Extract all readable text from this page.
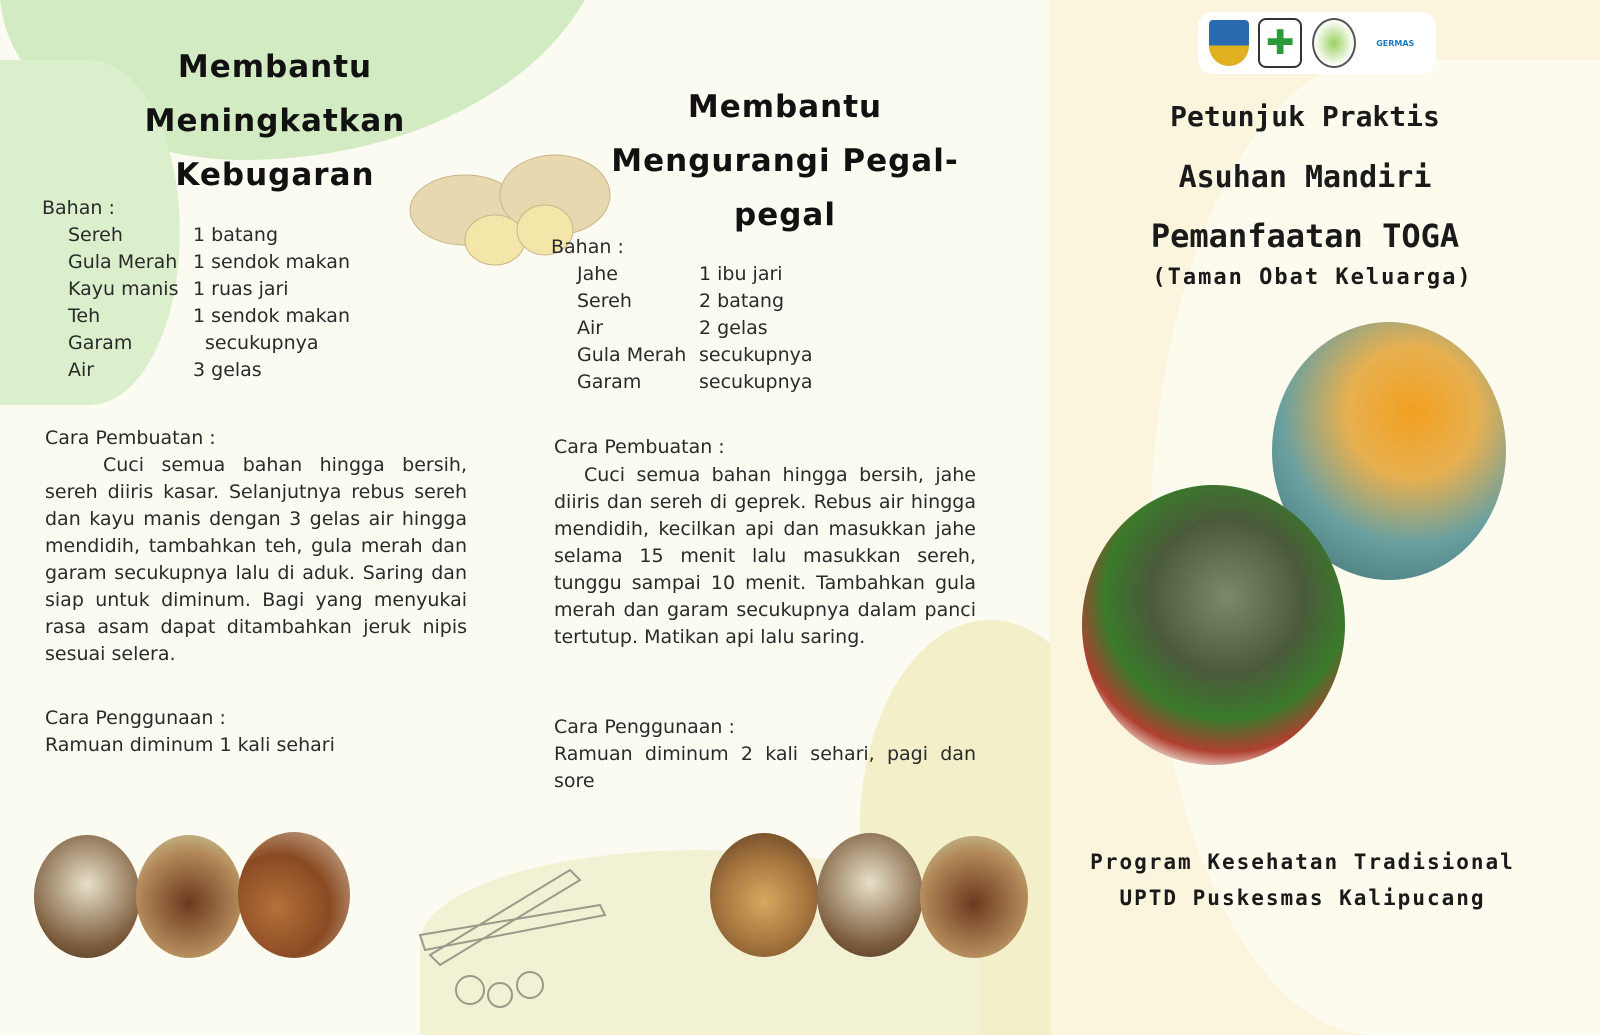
Membantu Meningkatkan Kebugaran
Bahan :
Sereh	1 batang
Gula Merah 1 sendok makan
Kayu manis 1 ruas jari
Teh	1 sendok makan
Garam	secukupnya
Air	3 gelas
Cara Pembuatan :
Cuci semua bahan hingga bersih, sereh diiris kasar. Selanjutnya rebus sereh dan kayu manis dengan 3 gelas air hingga mendidih, tambahkan teh, gula merah dan garam secukupnya lalu di aduk. Saring dan siap untuk diminum. Bagi yang menyukai rasa asam dapat ditambahkan jeruk nipis sesuai selera.
Cara Penggunaan :
Ramuan diminum 1 kali sehari
Membantu Mengurangi Pegal-pegal
Bahan :
Jahe	1 ibu jari
Sereh	2 batang
Air	2 gelas
Gula Merah secukupnya
Garam	secukupnya
Cara Pembuatan :
Cuci semua bahan hingga bersih, jahe diiris dan sereh di geprek. Rebus air hingga mendidih, kecilkan api dan masukkan jahe selama 15 menit lalu masukkan sereh, tunggu sampai 10 menit. Tambahkan gula merah dan garam secukupnya dalam panci tertutup. Matikan api lalu saring.
Cara Penggunaan :
Ramuan diminum 2 kali sehari, pagi dan sore
✚	GERMAS
Petunjuk Praktis
Asuhan Mandiri
Pemanfaatan TOGA
(Taman Obat Keluarga)
Program Kesehatan Tradisional
UPTD Puskesmas Kalipucang
